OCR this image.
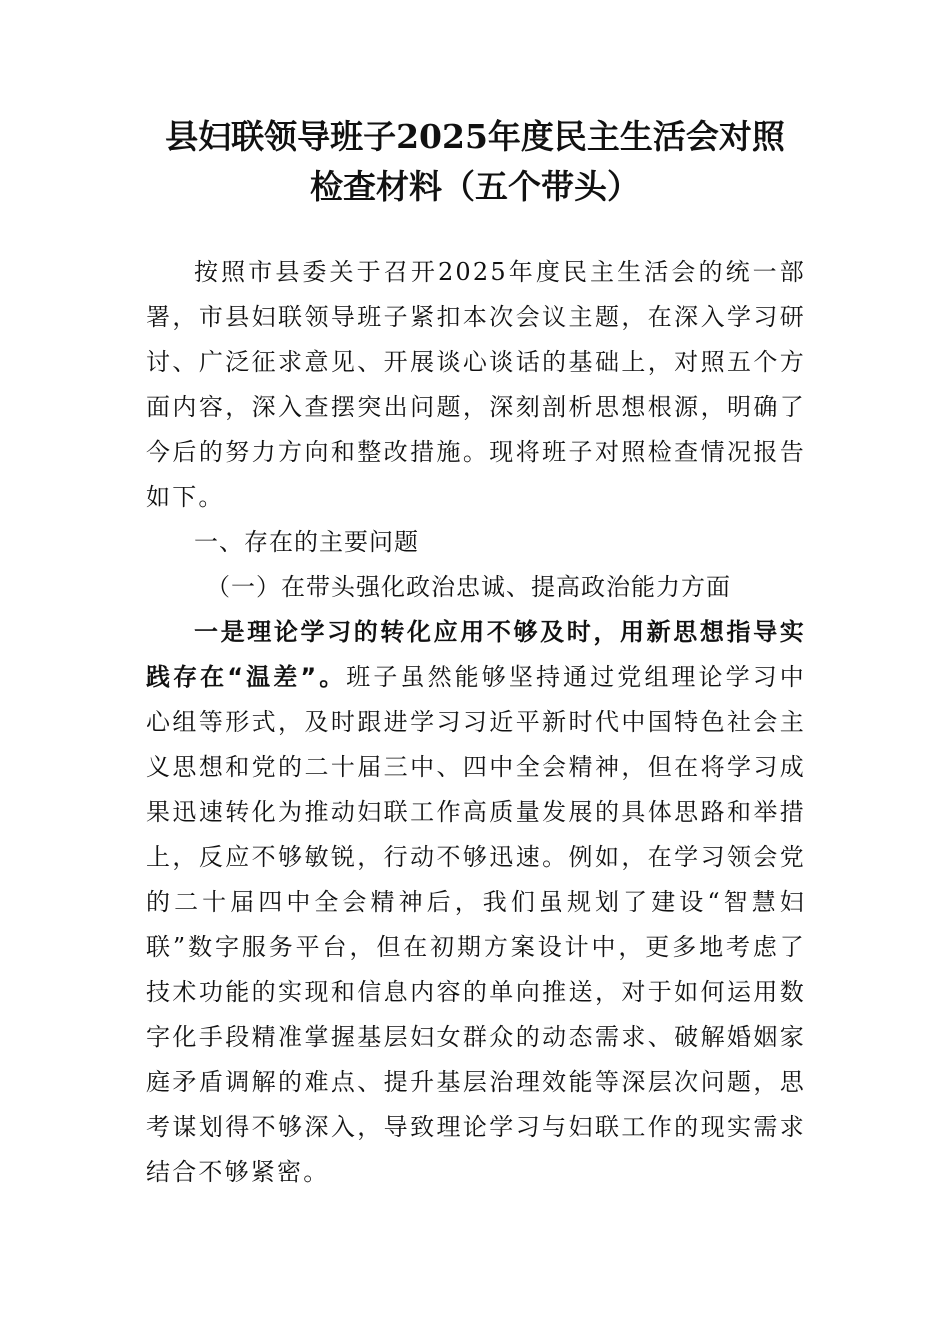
县妇联领导班子2025年度民主生活会对照
检查材料（五个带头）

按照市县委关于召开2025年度民主生活会的统一部署，市县妇联领导班子紧扣本次会议主题，在深入学习研讨、广泛征求意见、开展谈心谈话的基础上，对照五个方面内容，深入查摆突出问题，深刻剖析思想根源，明确了今后的努力方向和整改措施。现将班子对照检查情况报告如下。

一、存在的主要问题

（一）在带头强化政治忠诚、提高政治能力方面

一是理论学习的转化应用不够及时，用新思想指导实践存在“温差”。班子虽然能够坚持通过党组理论学习中心组等形式，及时跟进学习习近平新时代中国特色社会主义思想和党的二十届三中、四中全会精神，但在将学习成果迅速转化为推动妇联工作高质量发展的具体思路和举措上，反应不够敏锐，行动不够迅速。例如，在学习领会党的二十届四中全会精神后，我们虽规划了建设“智慧妇联”数字服务平台，但在初期方案设计中，更多地考虑了技术功能的实现和信息内容的单向推送，对于如何运用数字化手段精准掌握基层妇女群众的动态需求、破解婚姻家庭矛盾调解的难点、提升基层治理效能等深层次问题，思考谋划得不够深入，导致理论学习与妇联工作的现实需求结合不够紧密。
